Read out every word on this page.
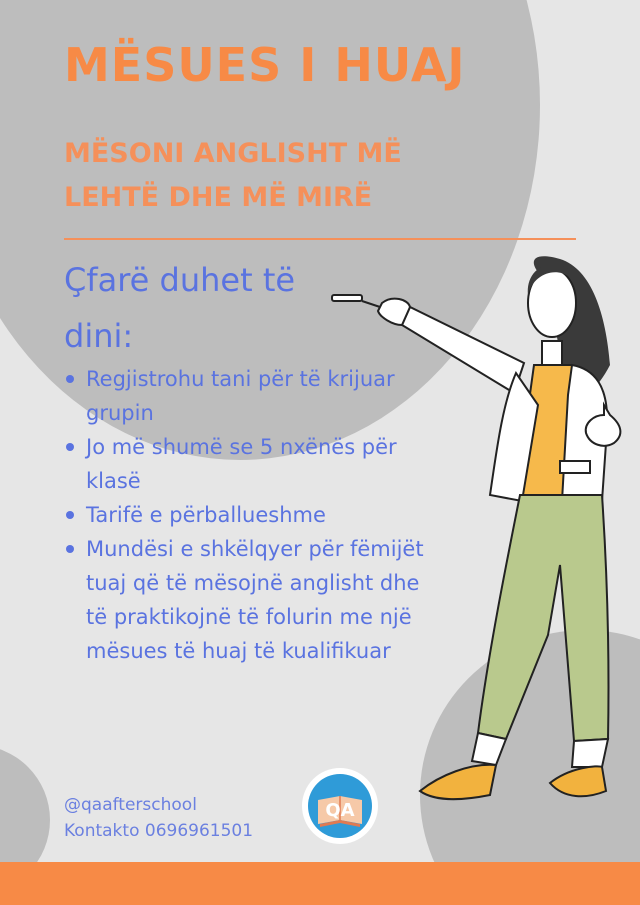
MËSUES I HUAJ
MËSONI ANGLISHT MË LEHTË DHE MË MIRË
Çfarë duhet të dini:
Regjistrohu tani për të krijuar grupin
Jo më shumë se 5 nxënës për klasë
Tarifë e përballueshme
Mundësi e shkëlqyer për fëmijët tuaj që të mësojnë anglisht dhe të praktikojnë të folurin me një mësues të huaj të kualifikuar
@qaafterschool
Kontakto 0696961501
QA
